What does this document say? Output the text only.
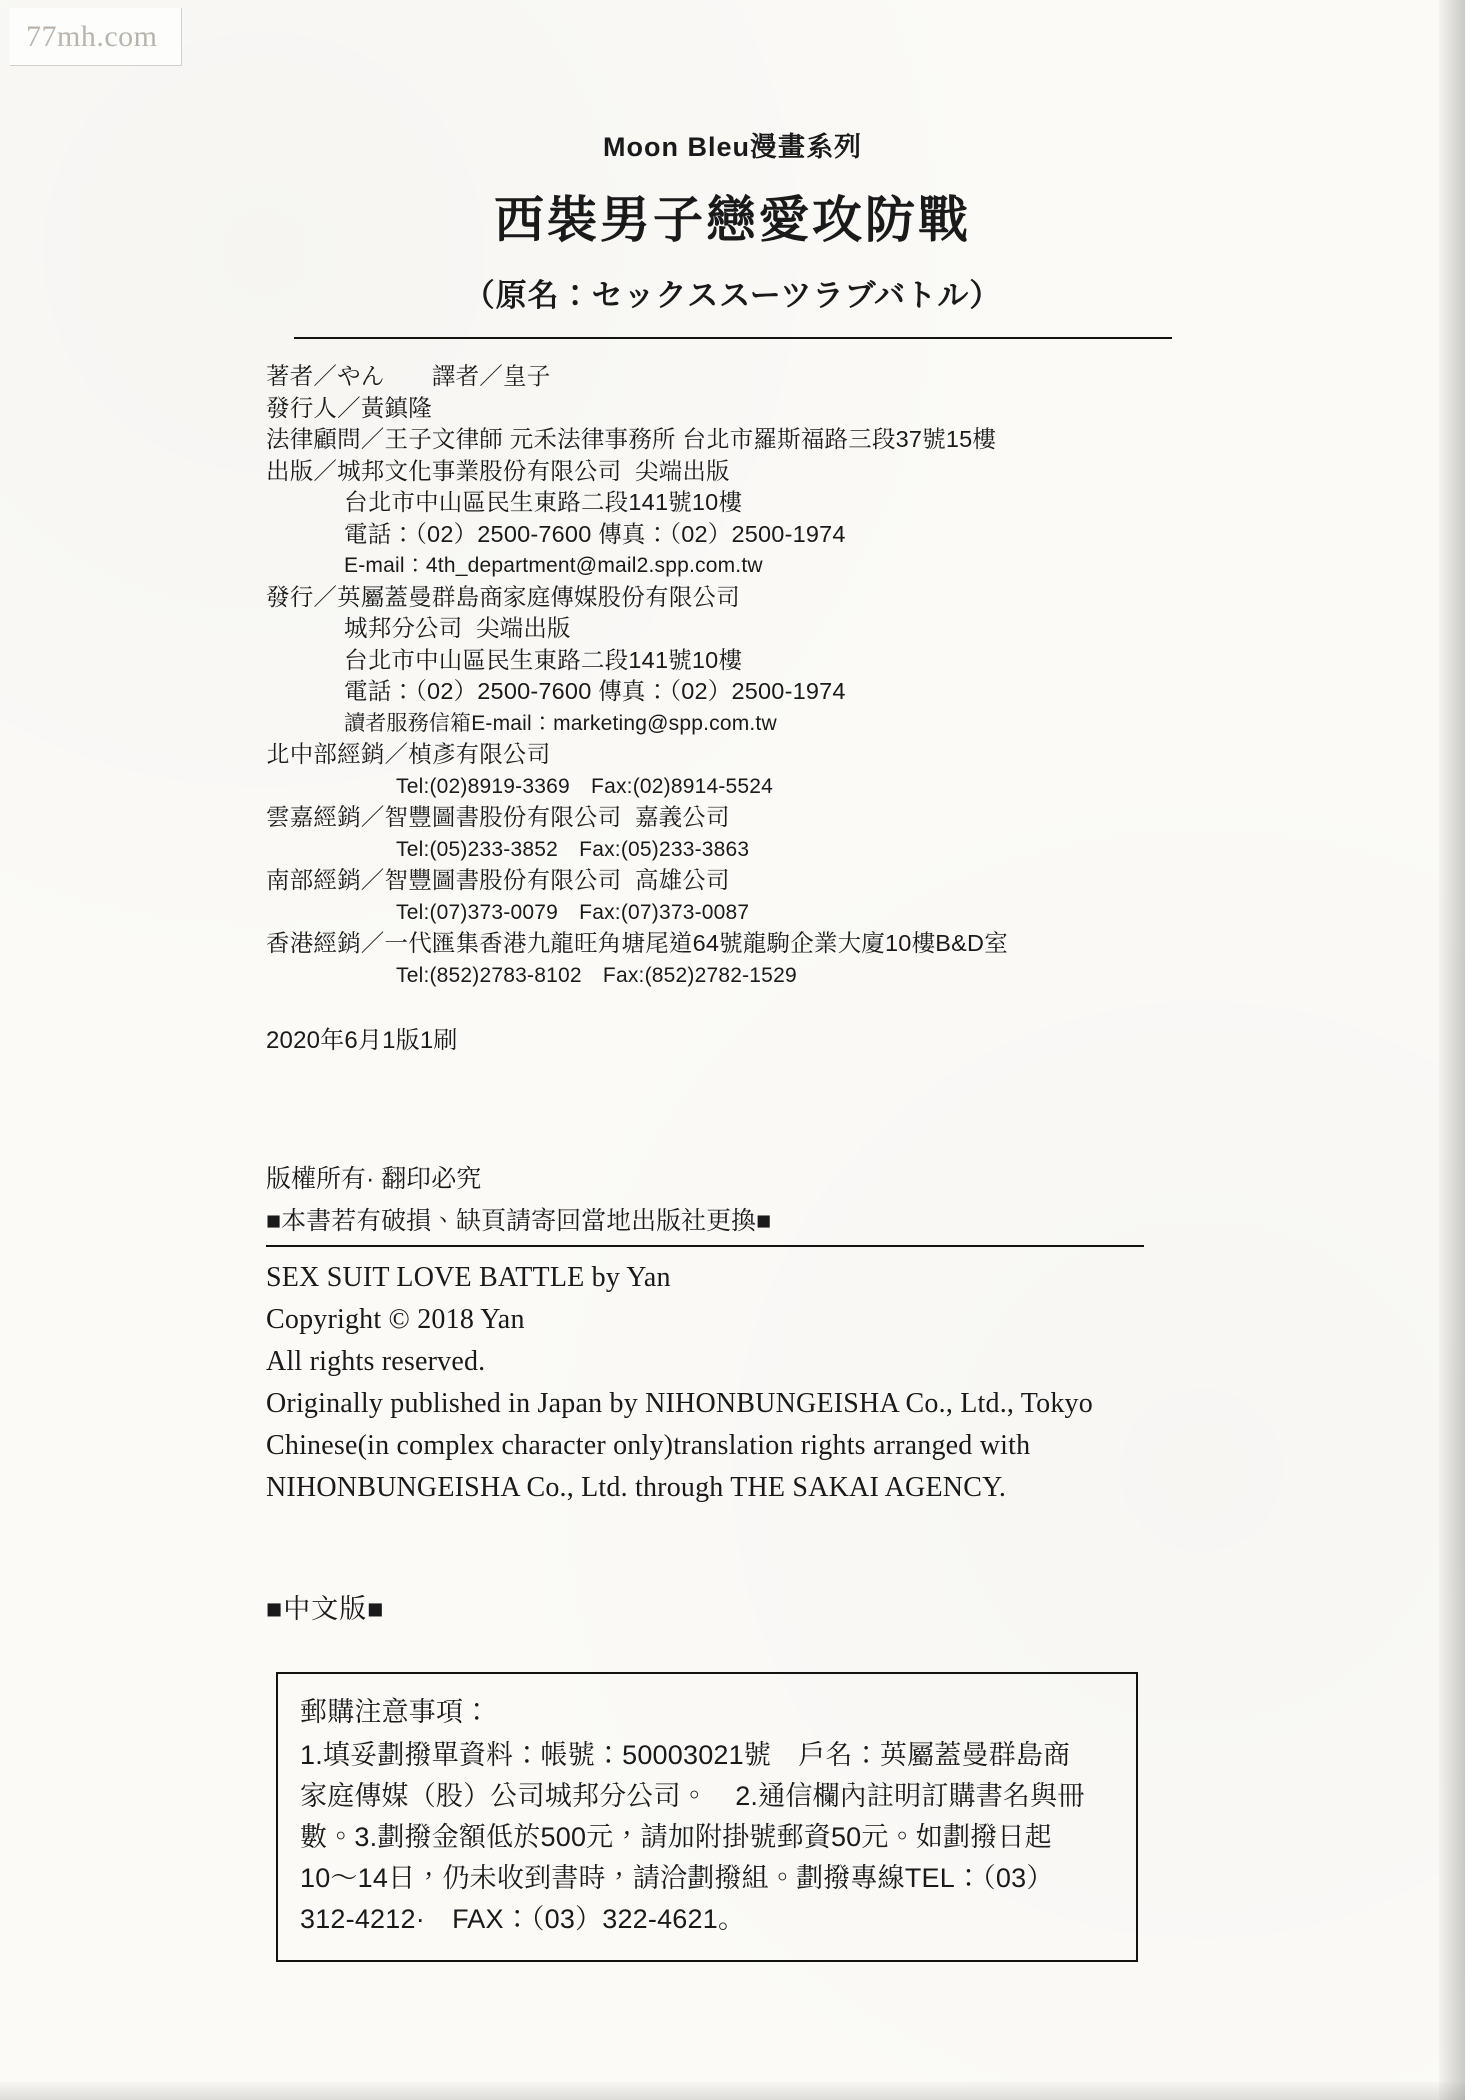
77mh.com
Moon Bleu漫畫系列
西裝男子戀愛攻防戰
（原名：セックススーツラブバトル）
著者／やん　　譯者／皇子
發行人／黃鎮隆
法律顧問／王子文律師 元禾法律事務所 台北市羅斯福路三段37號15樓
出版／城邦文化事業股份有限公司  尖端出版
台北市中山區民生東路二段141號10樓
電話：（02）2500-7600 傳真：（02）2500-1974
E-mail：4th_department@mail2.spp.com.tw
發行／英屬蓋曼群島商家庭傳媒股份有限公司
城邦分公司  尖端出版
台北市中山區民生東路二段141號10樓
電話：（02）2500-7600 傳真：（02）2500-1974
讀者服務信箱E-mail：marketing@spp.com.tw
北中部經銷／楨彥有限公司
Tel:(02)8919-3369　Fax:(02)8914-5524
雲嘉經銷／智豐圖書股份有限公司  嘉義公司
Tel:(05)233-3852　Fax:(05)233-3863
南部經銷／智豐圖書股份有限公司  高雄公司
Tel:(07)373-0079　Fax:(07)373-0087
香港經銷／一代匯集香港九龍旺角塘尾道64號龍駒企業大廈10樓B&D室
Tel:(852)2783-8102　Fax:(852)2782-1529
2020年6月1版1刷
版權所有· 翻印必究
■本書若有破損、缺頁請寄回當地出版社更換■
SEX SUIT LOVE BATTLE by Yan
Copyright © 2018 Yan
All rights reserved.
Originally published in Japan by NIHONBUNGEISHA Co., Ltd., Tokyo
Chinese(in complex character only)translation rights arranged with
NIHONBUNGEISHA Co., Ltd. through THE SAKAI AGENCY.
■中文版■

郵購注意事項：

1.填妥劃撥單資料：帳號：50003021號　戶名：英屬蓋曼群島商

家庭傳媒（股）公司城邦分公司。　2.通信欄內註明訂購書名與冊

數。3.劃撥金額低於500元，請加附掛號郵資50元。如劃撥日起

10～14日，仍未收到書時，請洽劃撥組。劃撥專線TEL：（03）

312-4212·　FAX：（03）322-4621。
